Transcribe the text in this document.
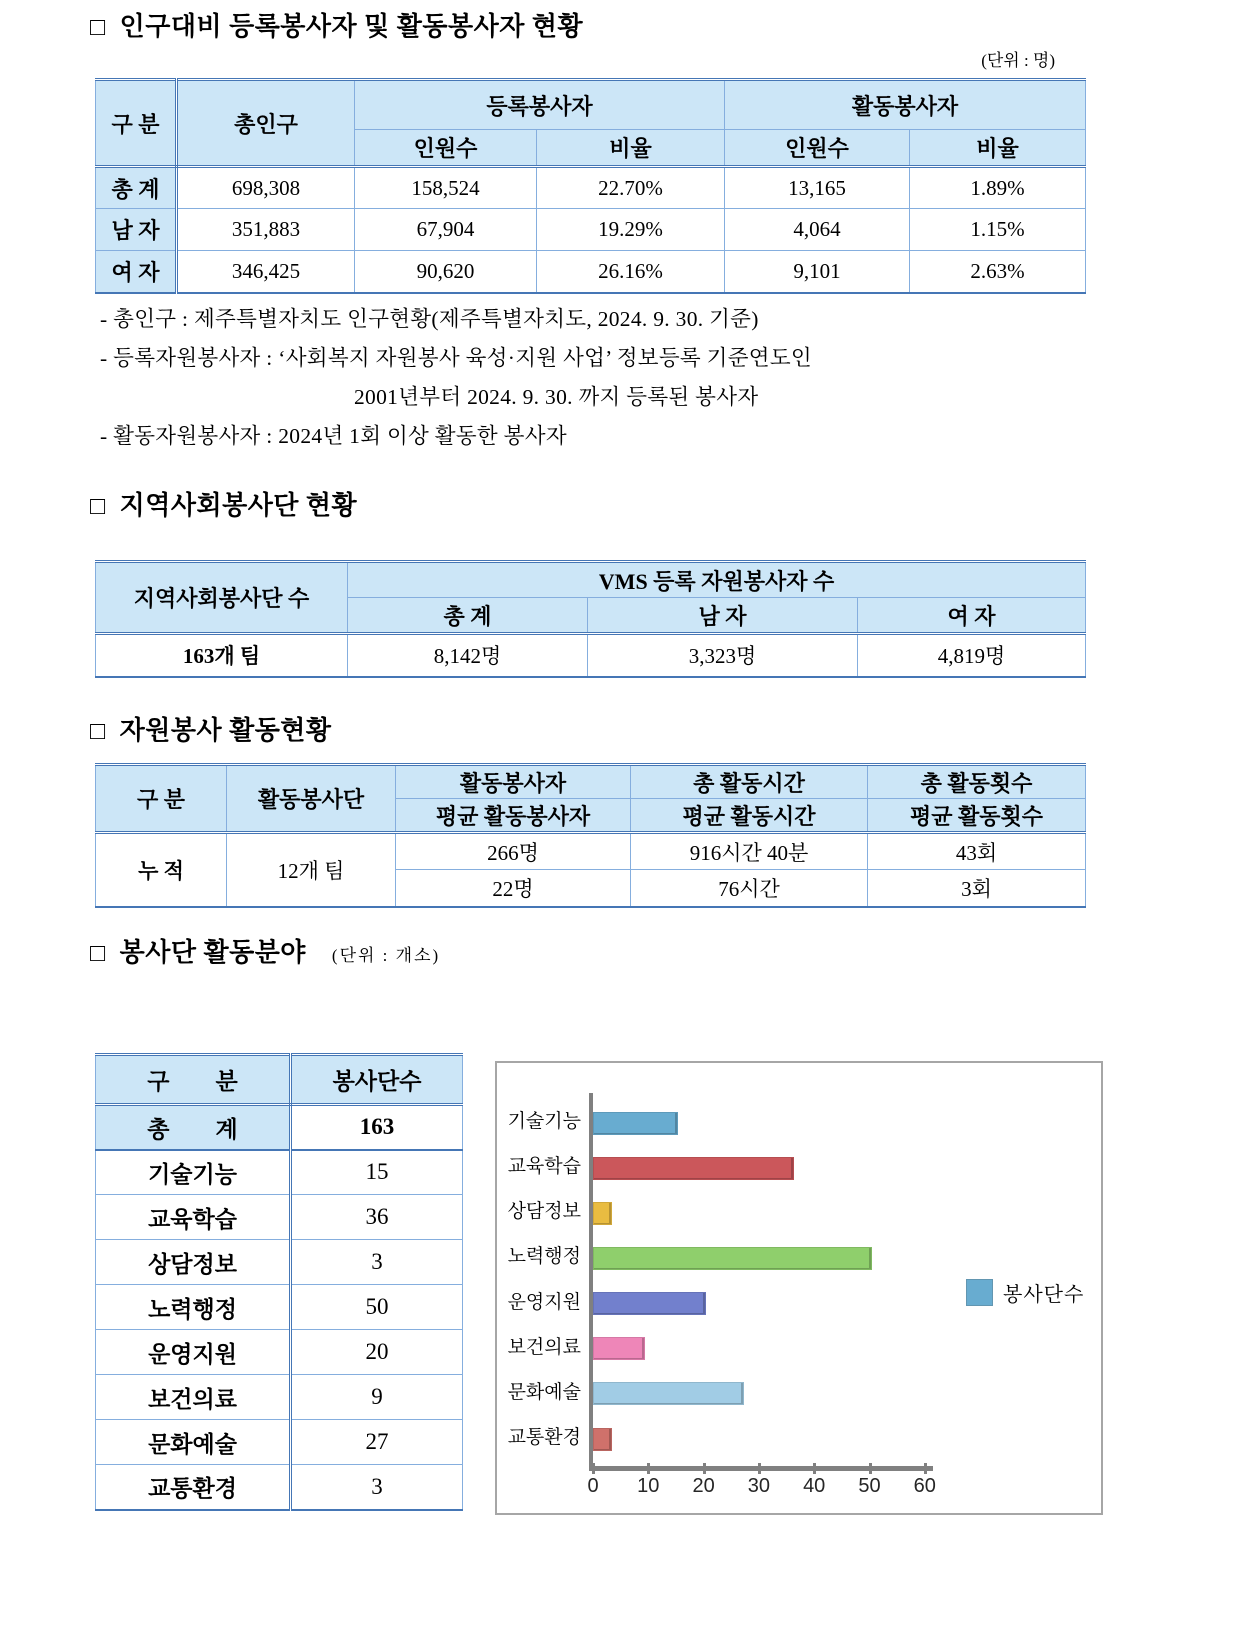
□ 인구대비 등록봉사자 및 활동봉사자 현황
(단위 : 명)
구 분	총인구	등록봉사자		활동봉사자	
		인원수	비율	인원수	비율
총 계	698,308	158,524	22.70%	13,165	1.89%
남 자	351,883	67,904	19.29%	4,064	1.15%
여 자	346,425	90,620	26.16%	9,101	2.63%
- 총인구 : 제주특별자치도 인구현황(제주특별자치도, 2024. 9. 30. 기준)
- 등록자원봉사자 : ‘사회복지 자원봉사 육성·지원 사업’ 정보등록 기준연도인
2001년부터 2024. 9. 30. 까지 등록된 봉사자
- 활동자원봉사자 : 2024년 1회 이상 활동한 봉사자
□ 지역사회봉사단 현황
지역사회봉사단 수	VMS 등록 자원봉사자 수		
	총 계	남 자	여 자
163개 팀	8,142명	3,323명	4,819명
□ 자원봉사 활동현황
구 분	활동봉사단	활동봉사자	총 활동시간	총 활동횟수
		평균 활동봉사자	평균 활동시간	평균 활동횟수
누 적	12개 팀	266명	916시간 40분	43회
		22명	76시간	3회
□ 봉사단 활동분야 (단위 : 개소)
구　　분	봉사단수
총　　계	163
기술기능	15
교육학습	36
상담정보	3
노력행정	50
운영지원	20
보건의료	9
문화예술	27
교통환경	3
기술기능
교육학습
상담정보
노력행정
운영지원
보건의료
문화예술
교통환경
0	10	20	30	40	50	60
봉사단수
